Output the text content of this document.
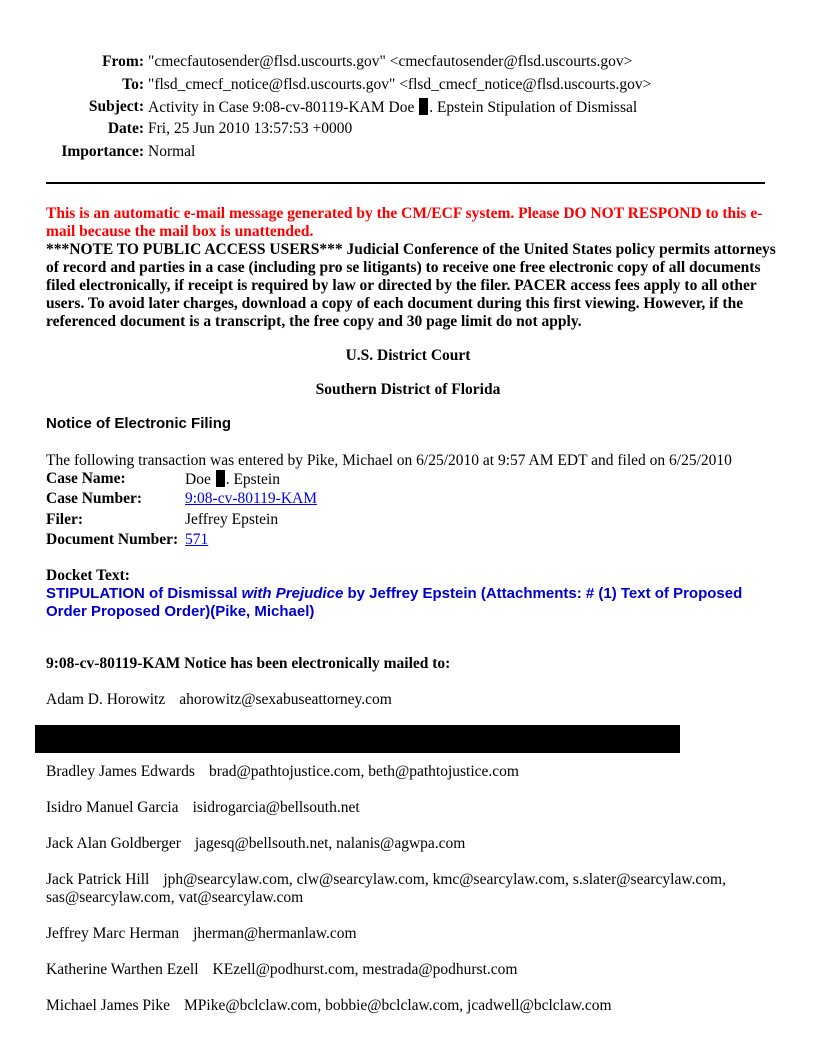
From: "cmecfautosender@flsd.uscourts.gov" <cmecfautosender@flsd.uscourts.gov>
To: "flsd_cmecf_notice@flsd.uscourts.gov" <flsd_cmecf_notice@flsd.uscourts.gov>
Subject: Activity in Case 9:08-cv-80119-KAM Doe . Epstein Stipulation of Dismissal
Date: Fri, 25 Jun 2010 13:57:53 +0000
Importance: Normal
This is an automatic e-mail message generated by the CM/ECF system. Please DO NOT RESPOND to this e-mail because the mail box is unattended.
***NOTE TO PUBLIC ACCESS USERS*** Judicial Conference of the United States policy permits attorneys of record and parties in a case (including pro se litigants) to receive one free electronic copy of all documents filed electronically, if receipt is required by law or directed by the filer. PACER access fees apply to all other users. To avoid later charges, download a copy of each document during this first viewing. However, if the referenced document is a transcript, the free copy and 30 page limit do not apply.
U.S. District Court
Southern District of Florida
Notice of Electronic Filing
The following transaction was entered by Pike, Michael on 6/25/2010 at 9:57 AM EDT and filed on 6/25/2010
Case Name:	Doe . Epstein
Case Number:	9:08-cv-80119-KAM
Filer:	Jeffrey Epstein
Document Number: 571
Docket Text:
STIPULATION of Dismissal with Prejudice by Jeffrey Epstein (Attachments: # (1) Text of Proposed Order Proposed Order)(Pike, Michael)
9:08-cv-80119-KAM Notice has been electronically mailed to:
Adam D. Horowitz ahorowitz@sexabuseattorney.com
Bradley James Edwards brad@pathtojustice.com, beth@pathtojustice.com
Isidro Manuel Garcia isidrogarcia@bellsouth.net
Jack Alan Goldberger jagesq@bellsouth.net, nalanis@agwpa.com
Jack Patrick Hill jph@searcylaw.com, clw@searcylaw.com, kmc@searcylaw.com, s.slater@searcylaw.com, sas@searcylaw.com, vat@searcylaw.com
Jeffrey Marc Herman jherman@hermanlaw.com
Katherine Warthen Ezell KEzell@podhurst.com, mestrada@podhurst.com
Michael James Pike MPike@bclclaw.com, bobbie@bclclaw.com, jcadwell@bclclaw.com
